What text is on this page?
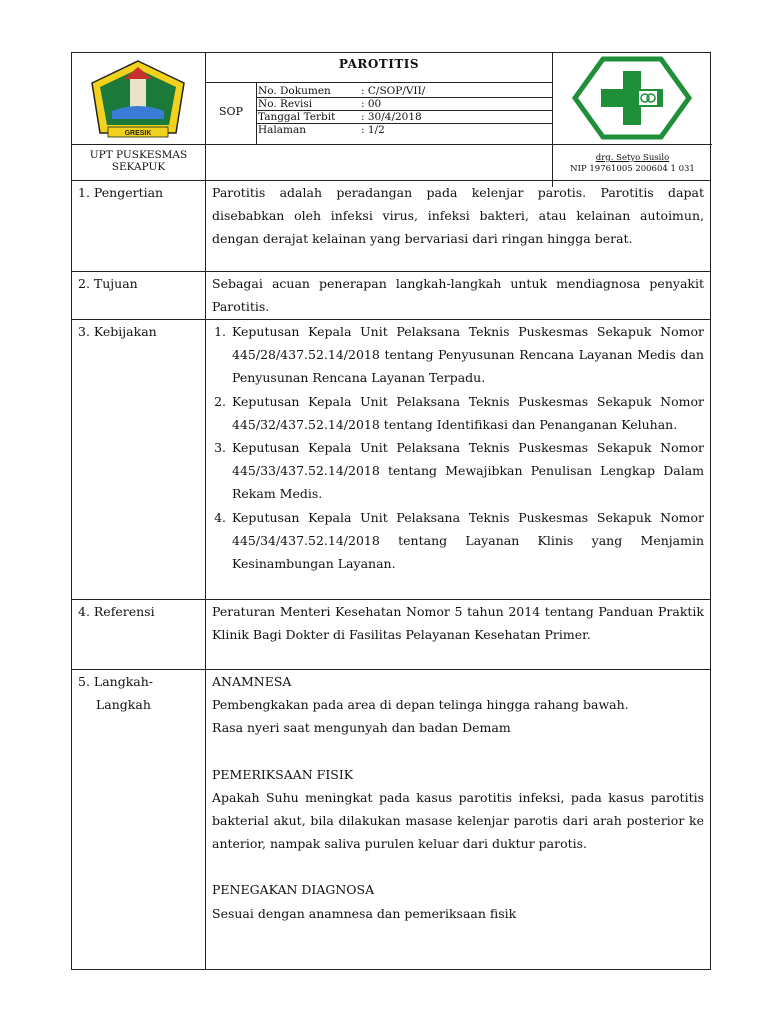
GRESIK
PAROTITIS
SOP
No. Dokumen	: C/SOP/VII/
No. Revisi	: 00
Tanggal Terbit : 30/4/2018
Halaman	: 1/2
UPT PUSKESMAS
SEKAPUK
drg. Setyo Susilo
NIP 19761005 200604 1 031
1. Pengertian	Parotitis adalah peradangan pada kelenjar parotis. Parotitis dapat disebabkan oleh infeksi virus, infeksi bakteri, atau kelainan autoimun, dengan derajat kelainan yang bervariasi dari ringan hingga berat.

2. Tujuan	Sebagai acuan penerapan langkah-langkah untuk mendiagnosa penyakit Parotitis.

3. Kebijakan
1.	Keputusan Kepala Unit Pelaksana Teknis Puskesmas Sekapuk Nomor 445/28/437.52.14/2018 tentang Penyusunan Rencana Layanan Medis dan Penyusunan Rencana Layanan Terpadu.
2. Keputusan Kepala Unit Pelaksana Teknis Puskesmas Sekapuk Nomor 445/32/437.52.14/2018 tentang Identifikasi dan Penanganan Keluhan.
3. Keputusan Kepala Unit Pelaksana Teknis Puskesmas Sekapuk Nomor 445/33/437.52.14/2018 tentang Mewajibkan Penulisan Lengkap Dalam Rekam Medis.
4. Keputusan Kepala Unit Pelaksana Teknis Puskesmas Sekapuk Nomor 445/34/437.52.14/2018 tentang Layanan Klinis yang Menjamin Kesinambungan Layanan.
4. Referensi	Peraturan Menteri Kesehatan Nomor 5 tahun 2014 tentang Panduan Praktik Klinik Bagi Dokter di Fasilitas Pelayanan Kesehatan Primer.

5. Langkah-
Langkah

ANAMNESA

Pembengkakan pada area di depan telinga hingga rahang bawah.

Rasa nyeri saat mengunyah dan badan Demam

PEMERIKSAAN FISIK

Apakah Suhu meningkat pada kasus parotitis infeksi, pada kasus parotitis bakterial akut, bila dilakukan masase kelenjar parotis dari arah posterior ke anterior, nampak saliva purulen keluar dari duktur parotis.

PENEGAKAN DIAGNOSA

Sesuai dengan anamnesa dan pemeriksaan fisik
